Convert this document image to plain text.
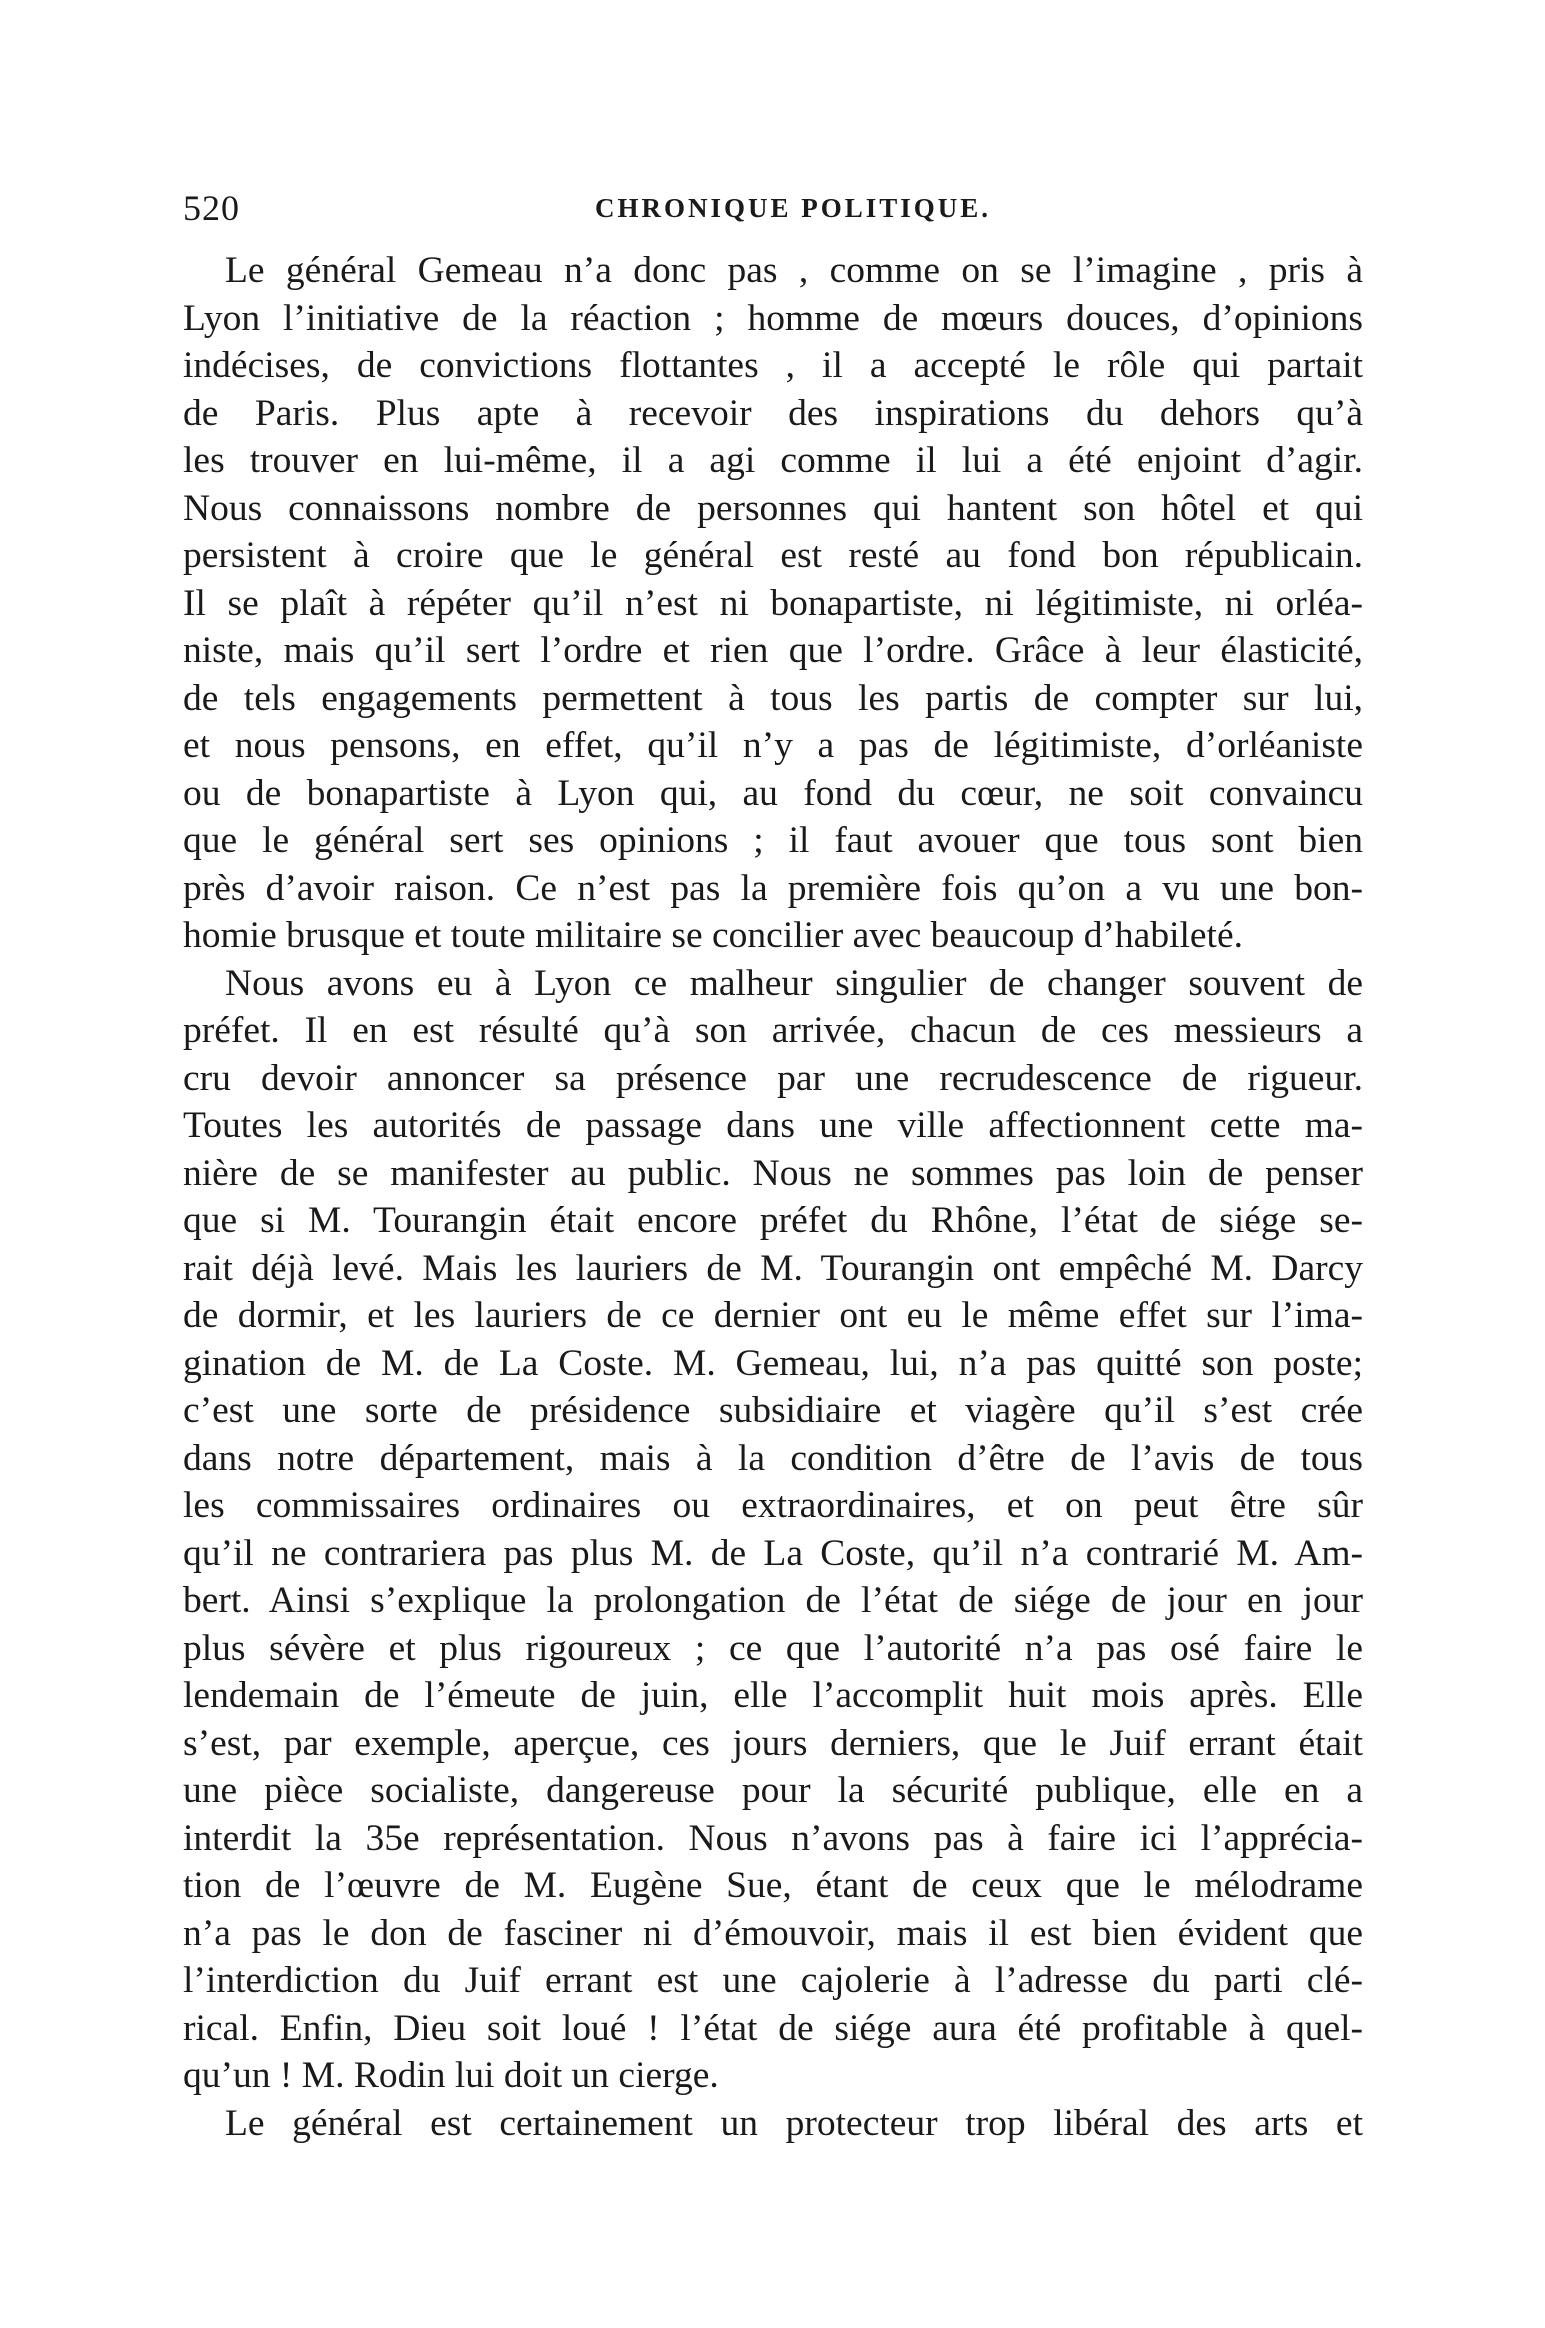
520	CHRONIQUE POLITIQUE.
Le général Gemeau n’a donc pas , comme on se l’imagine , pris à
Lyon l’initiative de la réaction ; homme de mœurs douces, d’opinions
indécises, de convictions flottantes , il a accepté le rôle qui partait
de Paris. Plus apte à recevoir des inspirations du dehors qu’à
les trouver en lui-même, il a agi comme il lui a été enjoint d’agir.
Nous connaissons nombre de personnes qui hantent son hôtel et qui
persistent à croire que le général est resté au fond bon républicain.
Il se plaît à répéter qu’il n’est ni bonapartiste, ni légitimiste, ni orléa-
niste, mais qu’il sert l’ordre et rien que l’ordre. Grâce à leur élasticité,
de tels engagements permettent à tous les partis de compter sur lui,
et nous pensons, en effet, qu’il n’y a pas de légitimiste, d’orléaniste
ou de bonapartiste à Lyon qui, au fond du cœur, ne soit convaincu
que le général sert ses opinions ; il faut avouer que tous sont bien
près d’avoir raison. Ce n’est pas la première fois qu’on a vu une bon-
homie brusque et toute militaire se concilier avec beaucoup d’habileté.
Nous avons eu à Lyon ce malheur singulier de changer souvent de
préfet. Il en est résulté qu’à son arrivée, chacun de ces messieurs a
cru devoir annoncer sa présence par une recrudescence de rigueur.
Toutes les autorités de passage dans une ville affectionnent cette ma-
nière de se manifester au public. Nous ne sommes pas loin de penser
que si M. Tourangin était encore préfet du Rhône, l’état de siége se-
rait déjà levé. Mais les lauriers de M. Tourangin ont empêché M. Darcy
de dormir, et les lauriers de ce dernier ont eu le même effet sur l’ima-
gination de M. de La Coste. M. Gemeau, lui, n’a pas quitté son poste;
c’est une sorte de présidence subsidiaire et viagère qu’il s’est crée
dans notre département, mais à la condition d’être de l’avis de tous
les commissaires ordinaires ou extraordinaires, et on peut être sûr
qu’il ne contrariera pas plus M. de La Coste, qu’il n’a contrarié M. Am-
bert. Ainsi s’explique la prolongation de l’état de siége de jour en jour
plus sévère et plus rigoureux ; ce que l’autorité n’a pas osé faire le
lendemain de l’émeute de juin, elle l’accomplit huit mois après. Elle
s’est, par exemple, aperçue, ces jours derniers, que le Juif errant était
une pièce socialiste, dangereuse pour la sécurité publique, elle en a
interdit la 35e représentation. Nous n’avons pas à faire ici l’apprécia-
tion de l’œuvre de M. Eugène Sue, étant de ceux que le mélodrame
n’a pas le don de fasciner ni d’émouvoir, mais il est bien évident que
l’interdiction du Juif errant est une cajolerie à l’adresse du parti clé-
rical. Enfin, Dieu soit loué ! l’état de siége aura été profitable à quel-
qu’un ! M. Rodin lui doit un cierge.
Le général est certainement un protecteur trop libéral des arts et
